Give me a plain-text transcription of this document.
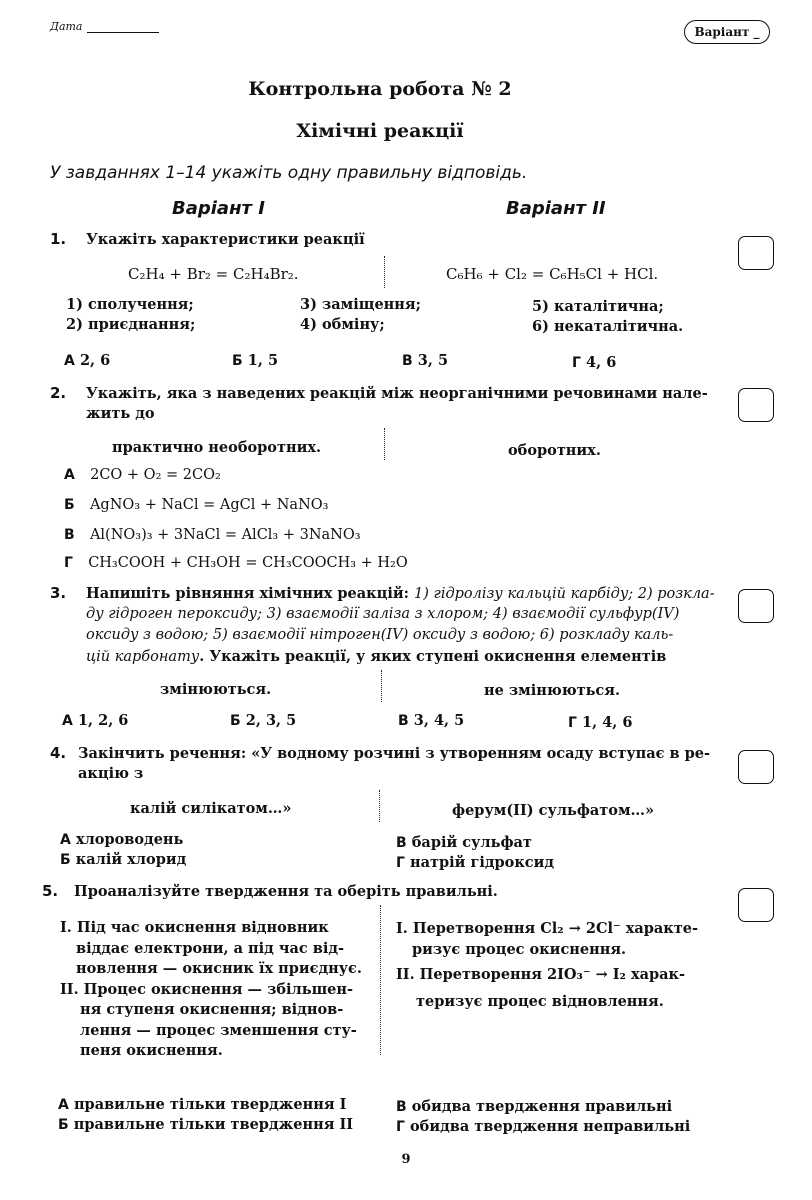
Дата	Варіант _
Контрольна робота № 2
Хімічні реакції
У завданнях 1–14 укажіть одну правильну відповідь.
Варіант I	Варіант II
1. Укажіть характеристики реакції
C₂H₄ + Br₂ = C₂H₄Br₂.	C₆H₆ + Cl₂ = C₆H₅Cl + HCl.
1) сполучення;
2) приєднання;
3) заміщення;
4) обміну;
5) каталітична;
6) некаталітична.
А 2, 6	Б 1, 5	В 3, 5	Г 4, 6
2. Укажіть, яка з наведених реакцій між неорганічними речовинами нале-
жить до
практично необоротних.	оборотних.
А 2CO + O₂ = 2CO₂
Б AgNO₃ + NaCl = AgCl + NaNO₃
В Al(NO₃)₃ + 3NaCl = AlCl₃ + 3NaNO₃
Г CH₃COOH + CH₃OH = CH₃COOCH₃ + H₂O
3. Напишіть рівняння хімічних реакцій: 1) гідролізу кальцій карбіду; 2) розкла-
ду гідроген пероксиду; 3) взаємодії заліза з хлором; 4) взаємодії сульфур(IV)
оксиду з водою; 5) взаємодії нітроген(IV) оксиду з водою; 6) розкладу каль-
цій карбонату. Укажіть реакції, у яких ступені окиснення елементів
змінюються.	не змінюються.
А 1, 2, 6	Б 2, 3, 5	В 3, 4, 5	Г 1, 4, 6
4. Закінчить речення: «У водному розчині з утворенням осаду вступає в ре-
акцію з
калій силікатом…»	ферум(II) сульфатом…»
А хлороводень
Б калій хлорид
В барій сульфат
Г натрій гідроксид
5. Проаналізуйте твердження та оберіть правильні.
I. Під час окиснення відновник
віддає електрони, а під час від-
новлення — окисник їх приєднує.
II. Процес окиснення — збільшен-
ня ступеня окиснення; віднов-
лення — процес зменшення сту-
пеня окиснення.
I. Перетворення Cl₂ → 2Cl⁻ характе-
ризує процес окиснення.
II. Перетворення 2IO₃⁻ → I₂ харак-
теризує процес відновлення.
А правильне тільки твердження I
Б правильне тільки твердження II
В обидва твердження правильні
Г обидва твердження неправильні
9
